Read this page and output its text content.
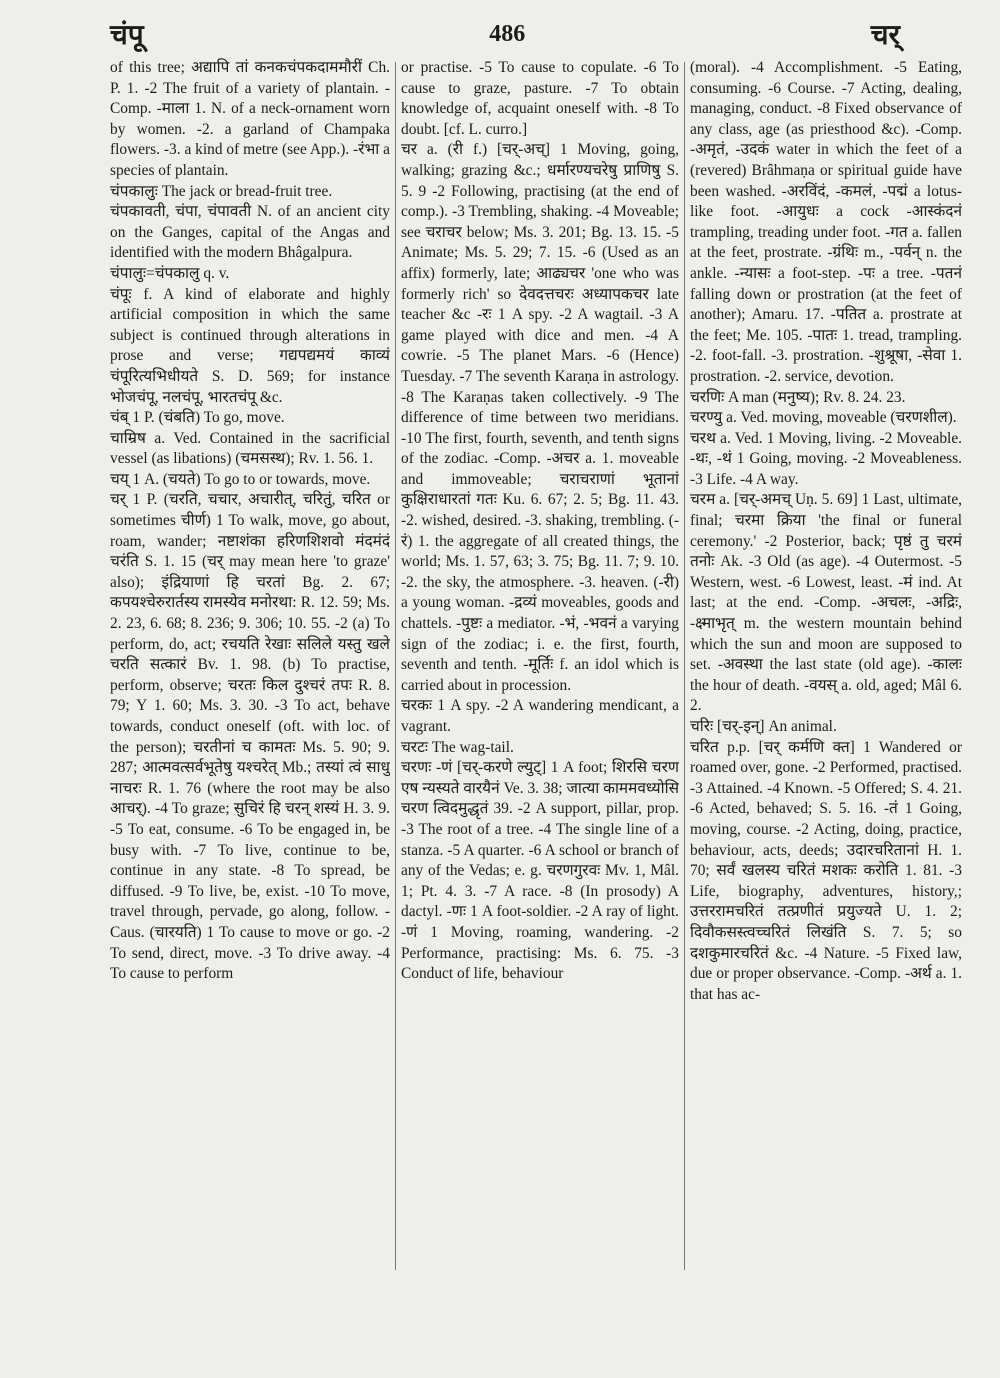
चंपू	486	चर्

of this tree; अद्यापि तां कनकचंपकदाममौरीं Ch. P. 1. -2 The fruit of a variety of plantain. -Comp. -माला 1. N. of a neck-ornament worn by women. -2. a garland of Champaka flowers. -3. a kind of metre (see App.). -रंभा a species of plantain.

चंपकालुः The jack or bread-fruit tree.

चंपकावती, चंपा, चंपावती N. of an ancient city on the Ganges, capital of the Angas and identified with the modern Bhâgalpura.

चंपालुः=चंपकालु q. v.

चंपूः f. A kind of elaborate and highly artificial composition in which the same subject is continued through alterations in prose and verse; गद्यपद्यमयं काव्यं चंपूरित्यभिधीयते S. D. 569; for instance भोजचंपू, नलचंपू, भारतचंपू &c.

चंब् 1 P. (चंबति) To go, move.

चाम्रिष a. Ved. Contained in the sacrificial vessel (as libations) (चमसस्थ); Rv. 1. 56. 1.

चय् 1 A. (चयते) To go to or towards, move.

चर् 1 P. (चरति, चचार, अचारीत्, चरितुं, चरित or sometimes चीर्ण) 1 To walk, move, go about, roam, wander; नष्टाशंका हरिणशिशवो मंदमंदं चरंति S. 1. 15 (चर् may mean here 'to graze' also); इंद्रियाणां हि चरतां Bg. 2. 67; कपयश्चेरुरार्तस्य रामस्येव मनोरथा: R. 12. 59; Ms. 2. 23, 6. 68; 8. 236; 9. 306; 10. 55. -2 (a) To perform, do, act; रचयति रेखाः सलिले यस्तु खले चरति सत्कारं Bv. 1. 98. (b) To practise, perform, observe; चरतः किल दुश्चरं तपः R. 8. 79; Y 1. 60; Ms. 3. 30. -3 To act, behave towards, conduct oneself (oft. with loc. of the person); चरतीनां च कामतः Ms. 5. 90; 9. 287; आत्मवत्सर्वभूतेषु यश्चरेत् Mb.; तस्यां त्वं साधु नाचरः R. 1. 76 (where the root may be also आचर्). -4 To graze; सुचिरं हि चरन् शस्यं H. 3. 9. -5 To eat, consume. -6 To be engaged in, be busy with. -7 To live, continue to be, continue in any state. -8 To spread, be diffused. -9 To live, be, exist. -10 To move, travel through, pervade, go along, follow. -Caus. (चारयति) 1 To cause to move or go. -2 To send, direct, move. -3 To drive away. -4 To cause to perform

or practise. -5 To cause to copulate. -6 To cause to graze, pasture. -7 To obtain knowledge of, acquaint oneself with. -8 To doubt. [cf. L. curro.]

चर a. (री f.) [चर्-अच्] 1 Moving, going, walking; grazing &c.; धर्मारण्यचरेषु प्राणिषु S. 5. 9 -2 Following, practising (at the end of comp.). -3 Trembling, shaking. -4 Moveable; see चराचर below; Ms. 3. 201; Bg. 13. 15. -5 Animate; Ms. 5. 29; 7. 15. -6 (Used as an affix) formerly, late; आढ्यचर 'one who was formerly rich' so देवदत्तचरः अध्यापकचर late teacher &c -रः 1 A spy. -2 A wagtail. -3 A game played with dice and men. -4 A cowrie. -5 The planet Mars. -6 (Hence) Tuesday. -7 The seventh Karaṇa in astrology. -8 The Karaṇas taken collectively. -9 The difference of time between two meridians. -10 The first, fourth, seventh, and tenth signs of the zodiac. -Comp. -अचर a. 1. moveable and immoveable; चराचराणां भूतानां कुक्षिराधारतां गतः Ku. 6. 67; 2. 5; Bg. 11. 43. -2. wished, desired. -3. shaking, trembling. (-रं) 1. the aggregate of all created things, the world; Ms. 1. 57, 63; 3. 75; Bg. 11. 7; 9. 10. -2. the sky, the atmosphere. -3. heaven. (-री) a young woman. -द्रव्यं moveables, goods and chattels. -पुष्टः a mediator. -भं, -भवनं a varying sign of the zodiac; i. e. the first, fourth, seventh and tenth. -मूर्तिः f. an idol which is carried about in procession.

चरकः 1 A spy. -2 A wandering mendicant, a vagrant.

चरटः The wag-tail.

चरणः -णं [चर्-करणे ल्युट्] 1 A foot; शिरसि चरण एष न्यस्यते वारयैनं Ve. 3. 38; जात्या काममवध्योसि चरण त्विदमुद्धृतं 39. -2 A support, pillar, prop. -3 The root of a tree. -4 The single line of a stanza. -5 A quarter. -6 A school or branch of any of the Vedas; e. g. चरणगुरवः Mv. 1, Mâl. 1; Pt. 4. 3. -7 A race. -8 (In prosody) A dactyl. -णः 1 A foot-soldier. -2 A ray of light. -णं 1 Moving, roaming, wandering. -2 Performance, practising: Ms. 6. 75. -3 Conduct of life, behaviour

(moral). -4 Accomplishment. -5 Eating, consuming. -6 Course. -7 Acting, dealing, managing, conduct. -8 Fixed observance of any class, age (as priesthood &c). -Comp. -अमृतं, -उदकं water in which the feet of a (revered) Brâhmaṇa or spiritual guide have been washed. -अरविंदं, -कमलं, -पद्मं a lotus-like foot. -आयुधः a cock -आस्कंदनं trampling, treading under foot. -गत a. fallen at the feet, prostrate. -ग्रंथिः m., -पर्वन् n. the ankle. -न्यासः a foot-step. -पः a tree. -पतनं falling down or prostration (at the feet of another); Amaru. 17. -पतित a. prostrate at the feet; Me. 105. -पातः 1. tread, trampling. -2. foot-fall. -3. prostration. -शुश्रूषा, -सेवा 1. prostration. -2. service, devotion.

चरणिः A man (मनुष्य); Rv. 8. 24. 23.

चरण्यु a. Ved. moving, moveable (चरणशील).

चरथ a. Ved. 1 Moving, living. -2 Moveable. -थः, -थं 1 Going, moving. -2 Moveableness. -3 Life. -4 A way.

चरम a. [चर्-अमच् Uṇ. 5. 69] 1 Last, ultimate, final; चरमा क्रिया 'the final or funeral ceremony.' -2 Posterior, back; पृष्ठं तु चरमं तनोः Ak. -3 Old (as age). -4 Outermost. -5 Western, west. -6 Lowest, least. -मं ind. At last; at the end. -Comp. -अचलः, -अद्रिः, -क्ष्माभृत् m. the western mountain behind which the sun and moon are supposed to set. -अवस्था the last state (old age). -कालः the hour of death. -वयस् a. old, aged; Mâl 6. 2.

चरिः [चर्-इन्] An animal.

चरित p.p. [चर् कर्मणि क्त] 1 Wandered or roamed over, gone. -2 Performed, practised. -3 Attained. -4 Known. -5 Offered; S. 4. 21. -6 Acted, behaved; S. 5. 16. -तं 1 Going, moving, course. -2 Acting, doing, practice, behaviour, acts, deeds; उदारचरितानां H. 1. 70; सर्वं खलस्य चरितं मशकः करोति 1. 81. -3 Life, biography, adventures, history,; उत्तररामचरितं तत्प्रणीतं प्रयुज्यते U. 1. 2; दिवौकसस्त्वच्चरितं लिखंति S. 7. 5; so दशकुमारचरितं &c. -4 Nature. -5 Fixed law, due or proper observance. -Comp. -अर्थ a. 1. that has ac-
